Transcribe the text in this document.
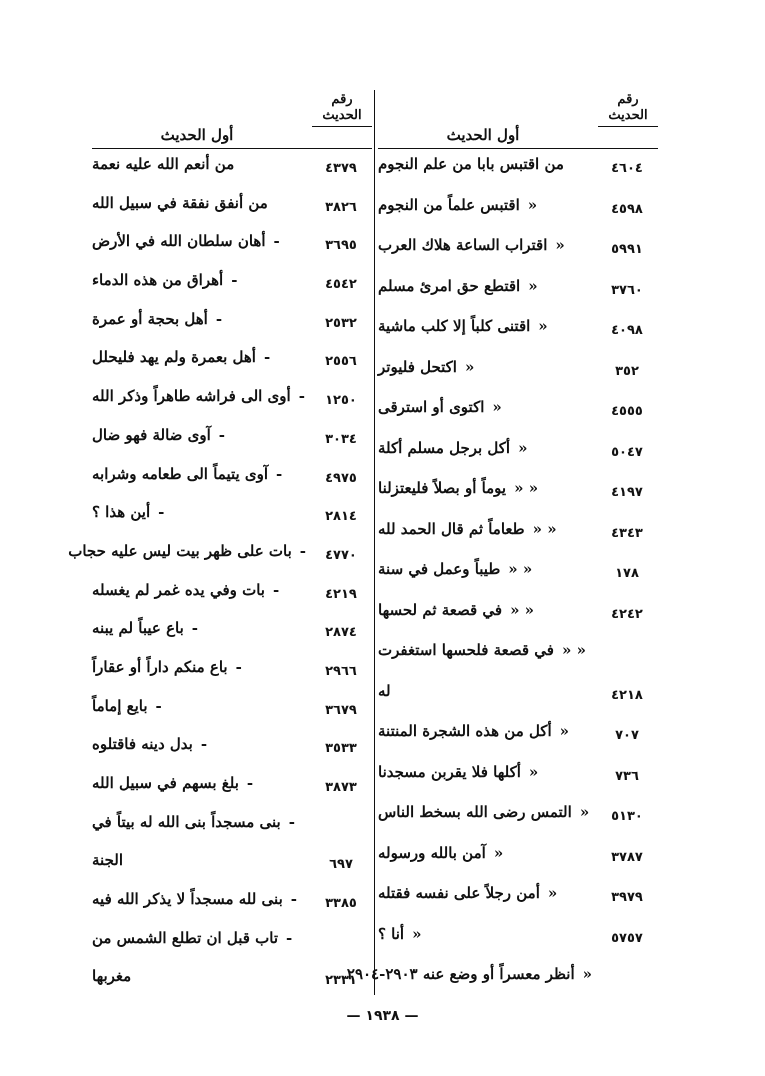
رقم
الحديث
أول الحديث
٤٦٠٤
من اقتبس بابا من علم النجوم
٤٥٩٨
«اقتبس علماً من النجوم
٥٩٩١
«اقتراب الساعة هلاك العرب
٣٧٦٠
«اقتطع حق امرئ مسلم
٤٠٩٨
«اقتنى كلباً إلا كلب ماشية
٣٥٢
«اكتحل فليوتر
٤٥٥٥
«اكتوى أو استرقى
٥٠٤٧
«أكل برجل مسلم أكلة
٤١٩٧
« «يوماً أو بصلاً فليعتزلنا
٤٣٤٣
« «طعاماً ثم قال الحمد لله
١٧٨
« «طيباً وعمل في سنة
٤٢٤٢
« «في قصعة ثم لحسها
« «في قصعة فلحسها استغفرت
٤٢١٨
له
٧٠٧
«أكل من هذه الشجرة المنتنة
٧٣٦
«أكلها فلا يقربن مسجدنا
٥١٣٠
«التمس رضى الله بسخط الناس
٣٧٨٧
«آمن بالله ورسوله
٣٩٧٩
«أمن رجلاً على نفسه فقتله
٥٧٥٧
«أنا ؟
«أنظر معسراً أو وضع عنه ٢٩٠٣-٢٩٠٤
رقم
الحديث
أول الحديث
٤٣٧٩
من أنعم الله عليه نعمة
٣٨٢٦
من أنفق نفقة في سبيل الله
٣٦٩٥
-أهان سلطان الله في الأرض
٤٥٤٢
-أهراق من هذه الدماء
٢٥٣٢
-أهل بحجة أو عمرة
٢٥٥٦
-أهل بعمرة ولم يهد فليحلل
١٢٥٠
-أوى الى فراشه طاهراً وذكر الله
٣٠٣٤
-آوى ضالة فهو ضال
٤٩٧٥
-آوى يتيماً الى طعامه وشرابه
٢٨١٤
-أين هذا ؟
٤٧٧٠
-بات على ظهر بيت ليس عليه حجاب
٤٢١٩
-بات وفي يده غمر لم يغسله
٢٨٧٤
-باع عيباً لم يبنه
٢٩٦٦
-باع منكم داراً أو عقاراً
٣٦٧٩
-بايع إماماً
٣٥٣٣
-بدل دينه فاقتلوه
٣٨٧٣
-بلغ بسهم في سبيل الله
-بنى مسجداً بنى الله له بيتاً في
٦٩٧
الجنة
٣٣٨٥
-بنى لله مسجداً لا يذكر الله فيه
-تاب قبل ان تطلع الشمس من
٢٣٣١
مغربها
— ١٩٣٨ —
